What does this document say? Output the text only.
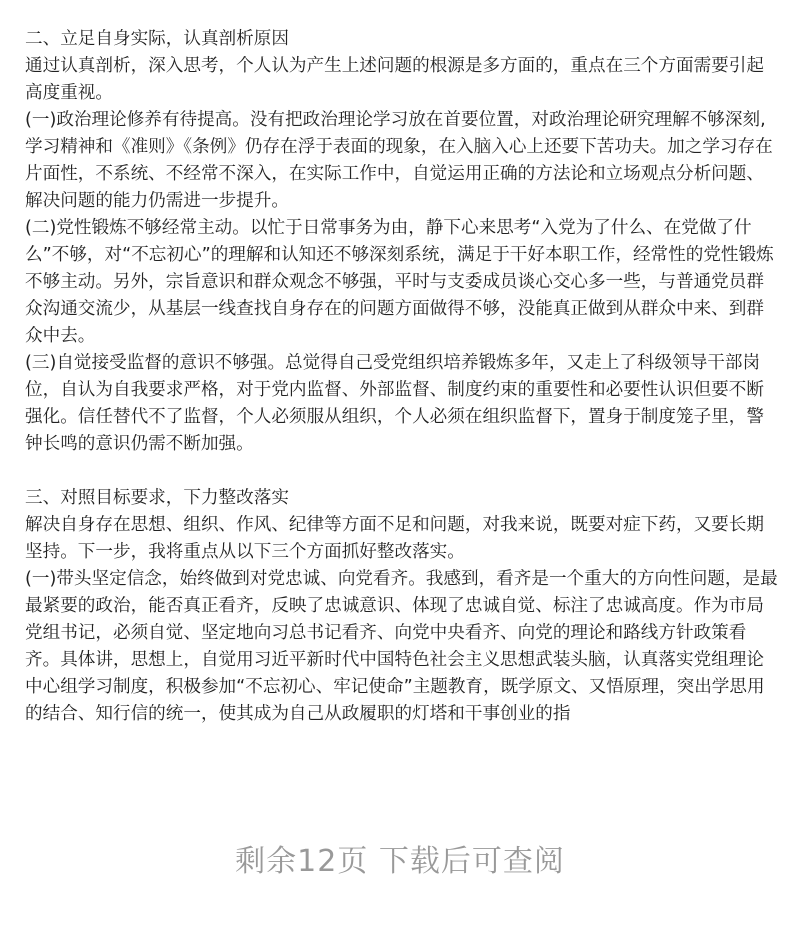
二、立足自身实际，认真剖析原因

通过认真剖析，深入思考，个人认为产生上述问题的根源是多方面的，重点在三个方面需要引起高度重视。

(一)政治理论修养有待提高。没有把政治理论学习放在首要位置，对政治理论研究理解不够深刻,学习精神和《准则》《条例》仍存在浮于表面的现象，在入脑入心上还要下苦功夫。加之学习存在片面性，不系统、不经常不深入，在实际工作中，自觉运用正确的方法论和立场观点分析问题、解决问题的能力仍需进一步提升。

(二)党性锻炼不够经常主动。以忙于日常事务为由，静下心来思考“入党为了什么、在党做了什么”不够，对“不忘初心”的理解和认知还不够深刻系统，满足于干好本职工作，经常性的党性锻炼不够主动。另外，宗旨意识和群众观念不够强，平时与支委成员谈心交心多一些，与普通党员群众沟通交流少，从基层一线查找自身存在的问题方面做得不够，没能真正做到从群众中来、到群众中去。

(三)自觉接受监督的意识不够强。总觉得自己受党组织培养锻炼多年，又走上了科级领导干部岗位，自认为自我要求严格，对于党内监督、外部监督、制度约束的重要性和必要性认识但要不断强化。信任替代不了监督，个人必须服从组织，个人必须在组织监督下，置身于制度笼子里，警钟长鸣的意识仍需不断加强。

三、对照目标要求，下力整改落实

解决自身存在思想、组织、作风、纪律等方面不足和问题，对我来说，既要对症下药，又要长期坚持。下一步，我将重点从以下三个方面抓好整改落实。

(一)带头坚定信念，始终做到对党忠诚、向党看齐。我感到，看齐是一个重大的方向性问题，是最最紧要的政治，能否真正看齐，反映了忠诚意识、体现了忠诚自觉、标注了忠诚高度。作为市局党组书记，必须自觉、坚定地向习总书记看齐、向党中央看齐、向党的理论和路线方针政策看齐。具体讲，思想上，自觉用习近平新时代中国特色社会主义思想武装头脑，认真落实党组理论中心组学习制度，积极参加“不忘初心、牢记使命”主题教育，既学原文、又悟原理，突出学思用的结合、知行信的统一，使其成为自己从政履职的灯塔和干事创业的指

剩余12页 下载后可查阅
